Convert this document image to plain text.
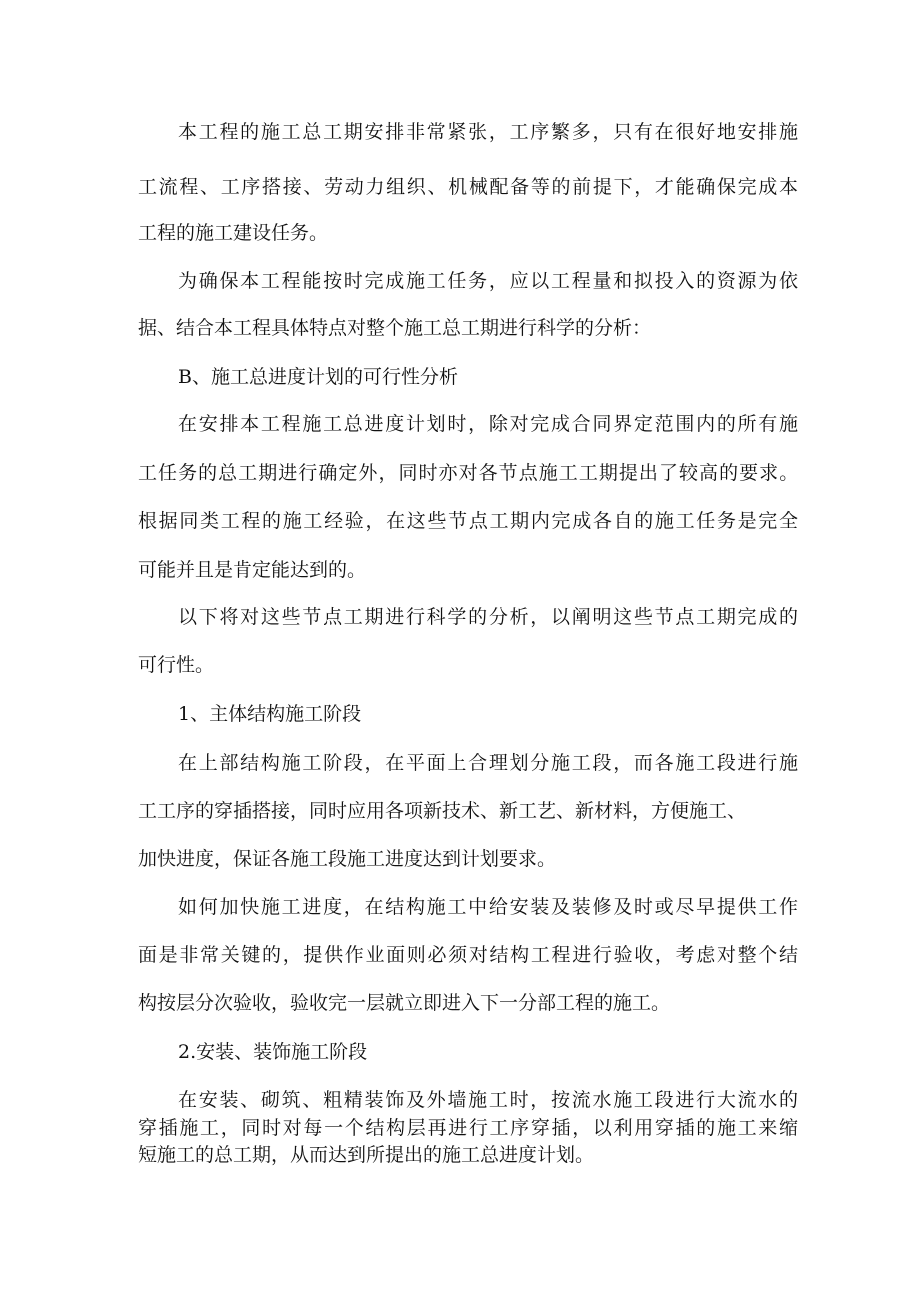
本工程的施工总工期安排非常紧张，工序繁多，只有在很好地安排施
工流程、工序搭接、劳动力组织、机械配备等的前提下，才能确保完成本
工程的施工建设任务。
为确保本工程能按时完成施工任务，应以工程量和拟投入的资源为依
据、结合本工程具体特点对整个施工总工期进行科学的分析：
B、施工总进度计划的可行性分析
在安排本工程施工总进度计划时，除对完成合同界定范围内的所有施
工任务的总工期进行确定外，同时亦对各节点施工工期提出了较高的要求。
根据同类工程的施工经验，在这些节点工期内完成各自的施工任务是完全
可能并且是肯定能达到的。
以下将对这些节点工期进行科学的分析，以阐明这些节点工期完成的
可行性。
1、主体结构施工阶段
在上部结构施工阶段，在平面上合理划分施工段，而各施工段进行施
工工序的穿插搭接，同时应用各项新技术、新工艺、新材料，方便施工、
加快进度，保证各施工段施工进度达到计划要求。
如何加快施工进度，在结构施工中给安装及装修及时或尽早提供工作
面是非常关键的，提供作业面则必须对结构工程进行验收，考虑对整个结
构按层分次验收，验收完一层就立即进入下一分部工程的施工。
2.安装、装饰施工阶段
在安装、砌筑、粗精装饰及外墙施工时，按流水施工段进行大流水的
穿插施工，同时对每一个结构层再进行工序穿插，以利用穿插的施工来缩
短施工的总工期，从而达到所提出的施工总进度计划。
